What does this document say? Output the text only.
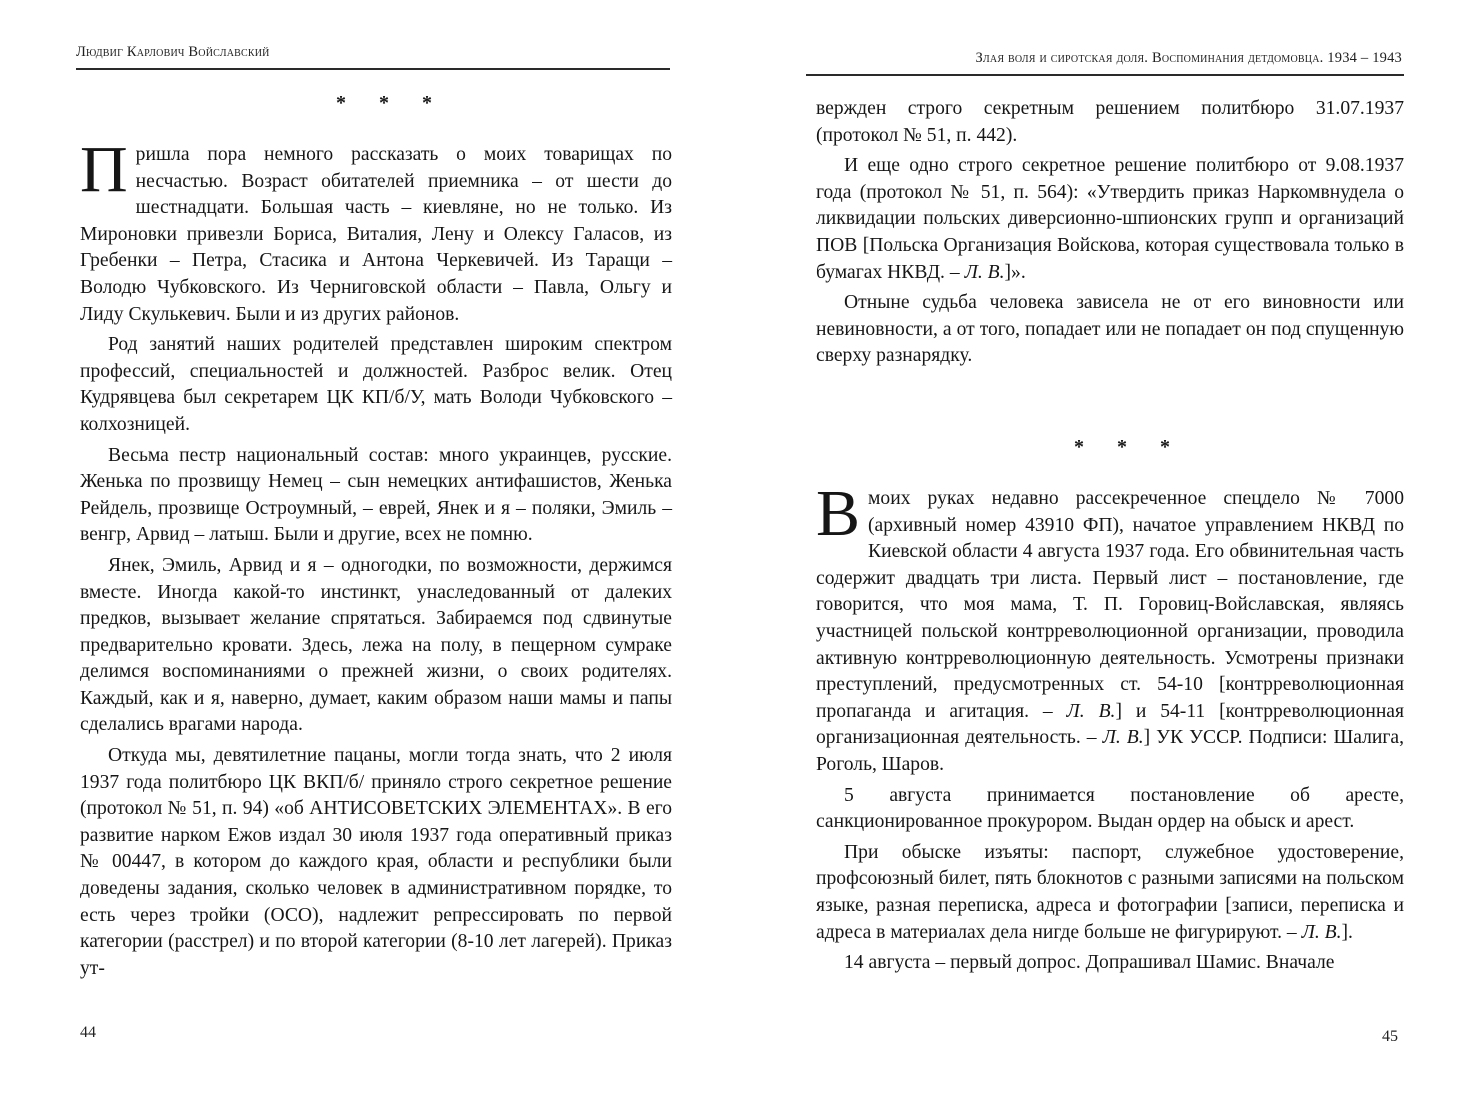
Людвиг Карлович Войславский
* * *

Пришла пора немного рассказать о моих товарищах по несчастью. Возраст обитателей приемника – от шести до шестнадцати. Большая часть – киевляне, но не только. Из Мироновки привезли Бориса, Виталия, Лену и Олексу Галасов, из Гребенки – Петра, Стасика и Антона Черкевичей. Из Таращи – Володю Чубковского. Из Черниговской области – Павла, Ольгу и Лиду Скулькевич. Были и из других районов.

Род занятий наших родителей представлен широким спектром профессий, специальностей и должностей. Разброс велик. Отец Кудрявцева был секретарем ЦК КП/б/У, мать Володи Чубковского – колхозницей.

Весьма пестр национальный состав: много украинцев, русские. Женька по прозвищу Немец – сын немецких антифашистов, Женька Рейдель, прозвище Остроумный, – еврей, Янек и я – поляки, Эмиль – венгр, Арвид – латыш. Были и другие, всех не помню.

Янек, Эмиль, Арвид и я – одногодки, по возможности, держимся вместе. Иногда какой-то инстинкт, унаследованный от далеких предков, вызывает желание спрятаться. Забираемся под сдвинутые предварительно кровати. Здесь, лежа на полу, в пещерном сумраке делимся воспоминаниями о прежней жизни, о своих родителях. Каждый, как и я, наверно, думает, каким образом наши мамы и папы сделались врагами народа.

Откуда мы, девятилетние пацаны, могли тогда знать, что 2 июля 1937 года политбюро ЦК ВКП/б/ приняло строго секретное решение (протокол № 51, п. 94) «об АНТИСОВЕТСКИХ ЭЛЕМЕНТАХ». В его развитие нарком Ежов издал 30 июля 1937 года оперативный приказ № 00447, в котором до каждого края, области и республики были доведены задания, сколько человек в административном порядке, то есть через тройки (ОСО), надлежит репрессировать по первой категории (расстрел) и по второй категории (8-10 лет лагерей). Приказ ут-

44
Злая воля и сиротская доля. Воспоминания детдомовца. 1934 – 1943

вержден строго секретным решением политбюро 31.07.1937 (протокол № 51, п. 442).

И еще одно строго секретное решение политбюро от 9.08.1937 года (протокол № 51, п. 564): «Утвердить приказ Наркомвнудела о ликвидации польских диверсионно-шпионских групп и организаций ПОВ [Польска Организация Войскова, которая существовала только в бумагах НКВД. – Л. В.]».

Отныне судьба человека зависела не от его виновности или невиновности, а от того, попадает или не попадает он под спущенную сверху разнарядку.

* * *

Вмоих руках недавно рассекреченное спецдело № 7000 (архивный номер 43910 ФП), начатое управлением НКВД по Киевской области 4 августа 1937 года. Его обвинительная часть содержит двадцать три листа. Первый лист – постановление, где говорится, что моя мама, Т. П. Горовиц-Войславская, являясь участницей польской контрреволюционной организации, проводила активную контрреволюционную деятельность. Усмотрены признаки преступлений, предусмотренных ст. 54-10 [контрреволюционная пропаганда и агитация. – Л. В.] и 54-11 [контрреволюционная организационная деятельность. – Л. В.] УК УССР. Подписи: Шалига, Роголь, Шаров.

5 августа принимается постановление об аресте, санкционированное прокурором. Выдан ордер на обыск и арест.

При обыске изъяты: паспорт, служебное удостоверение, профсоюзный билет, пять блокнотов с разными записями на польском языке, разная переписка, адреса и фотографии [записи, переписка и адреса в материалах дела нигде больше не фигурируют. – Л. В.].

14 августа – первый допрос. Допрашивал Шамис. Вначале

45
